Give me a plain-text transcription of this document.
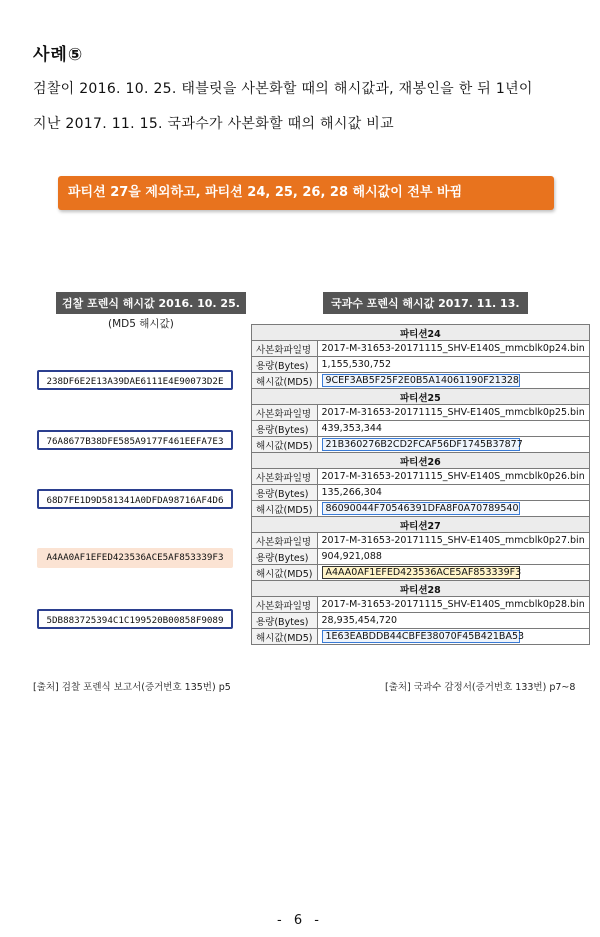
사례⑤
검찰이 2016. 10. 25. 태블릿을 사본화할 때의 해시값과, 재봉인을 한 뒤 1년이
지난 2017. 11. 15. 국과수가 사본화할 때의 해시값 비교
파티션 27을 제외하고, 파티션 24, 25, 26, 28 해시값이 전부 바뀜
검찰 포렌식 해시값 2016. 10. 25.
(MD5 해시값)
국과수 포렌식 해시값 2017. 11. 13.
238DF6E2E13A39DAE6111E4E90073D2E
76A8677B38DFE585A9177F461EEFA7E3
68D7FE1D9D581341A0DFDA98716AF4D6
A4AA0AF1EFED423536ACE5AF853339F3
5DB883725394C1C199520B00858F9089
파티션24	
사본화파일명	2017-M-31653-20171115_SHV-E140S_mmcblk0p24.bin
용량(Bytes)	1,155,530,752
해시값(MD5)	9CEF3AB5F25F2E0B5A14061190F21328
파티션25	
사본화파일명	2017-M-31653-20171115_SHV-E140S_mmcblk0p25.bin
용량(Bytes)	439,353,344
해시값(MD5)	21B360276B2CD2FCAF56DF1745B37877
파티션26	
사본화파일명	2017-M-31653-20171115_SHV-E140S_mmcblk0p26.bin
용량(Bytes)	135,266,304
해시값(MD5)	86090044F70546391DFA8F0A70789540
파티션27	
사본화파일명	2017-M-31653-20171115_SHV-E140S_mmcblk0p27.bin
용량(Bytes)	904,921,088
해시값(MD5)	A4AA0AF1EFED423536ACE5AF853339F3
파티션28	
사본화파일명	2017-M-31653-20171115_SHV-E140S_mmcblk0p28.bin
용량(Bytes)	28,935,454,720
해시값(MD5)	1E63EABDDB44CBFE38070F45B421BA53
[출처] 검찰 포렌식 보고서(증거번호 135번) p5	[출처] 국과수 감정서(증거번호 133번) p7~8
- 6 -
